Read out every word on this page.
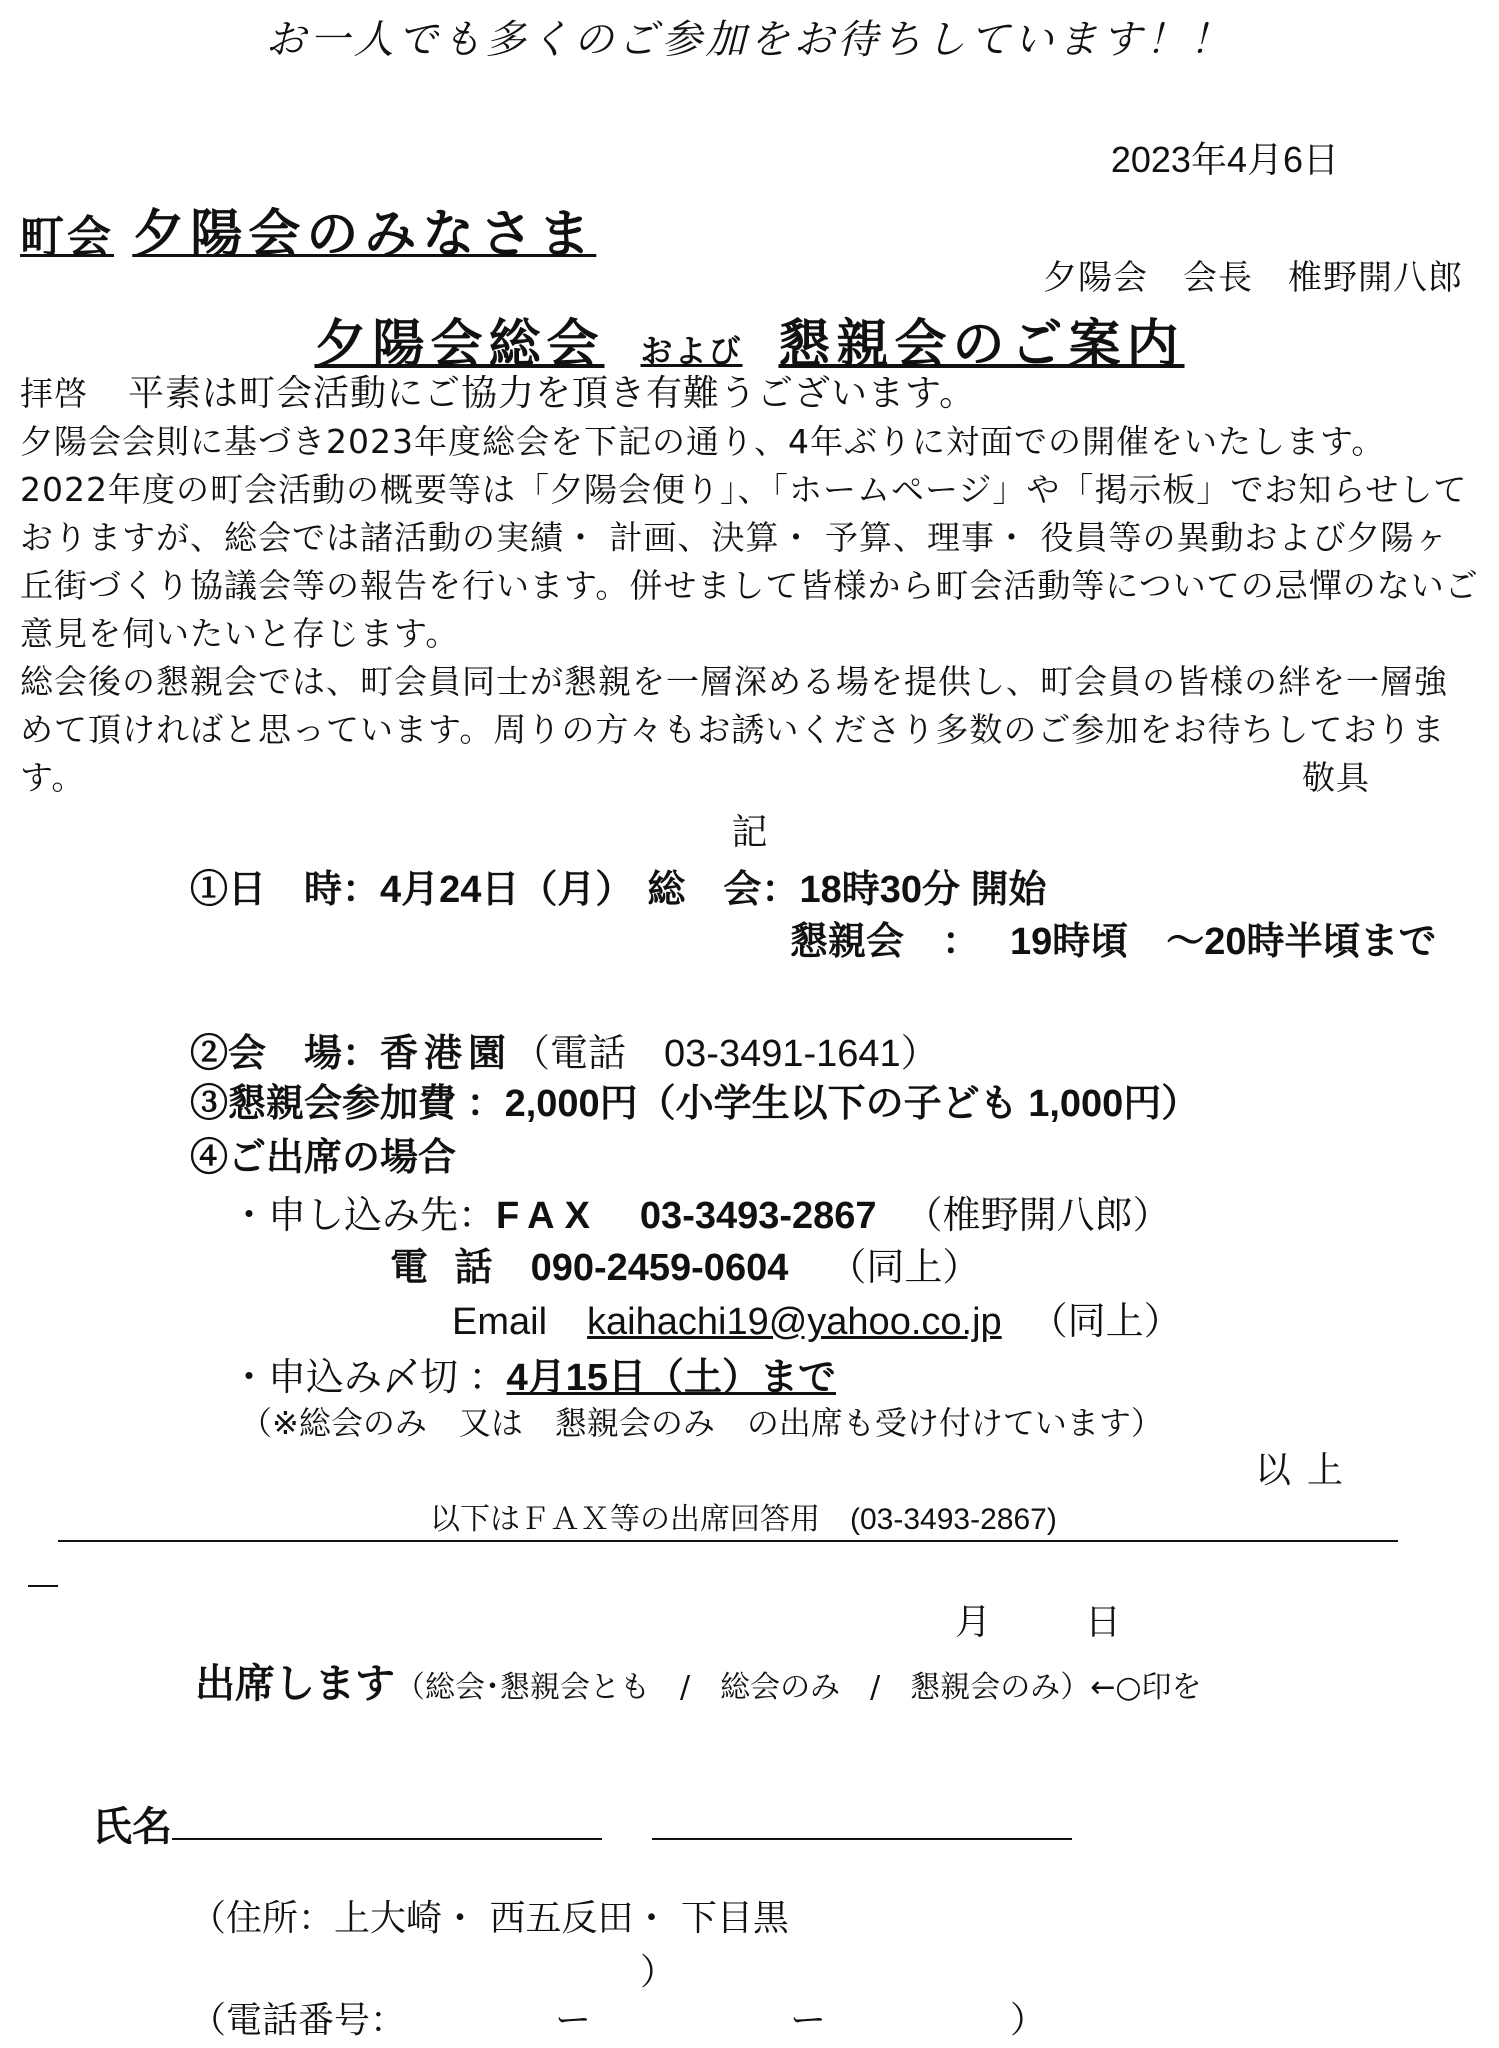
お一人でも多くのご参加をお待ちしています！！
2023年4月6日
町会 夕陽会のみなさま
夕陽会　会長　椎野開八郎
夕陽会総会 および 懇親会のご案内

拝啓 平素は町会活動にご協力を頂き有難うございます。

夕陽会会則に基づき2023年度総会を下記の通り、4年ぶりに対面での開催をいたします。

2022年度の町会活動の概要等は「夕陽会便り」、「ホームページ」や「掲示板」でお知らせしておりますが、総会では諸活動の実績・ 計画、決算・ 予算、理事・ 役員等の異動および夕陽ヶ丘街づくり協議会等の報告を行います。併せまして皆様から町会活動等についての忌憚のないご意見を伺いたいと存じます。

総会後の懇親会では、町会員同士が懇親を一層深める場を提供し、町会員の皆様の絆を一層強めて頂ければと思っています。周りの方々もお誘いくださり多数のご参加をお待ちしております。	敬具
記
①日　時：4月24日（月） 総　会：18時30分 開始
懇親会　： 19時頃　～20時半頃まで
②会　場：香港園（電話　03-3491-1641）
③懇親会参加費 ：2,000円（小学生以下の子ども 1,000円）
④ご出席の場合
・申し込み先：FAX 03-3493-2867 （椎野開八郎）
電 話 090-2459-0604 （同上）
Email kaihachi19@yahoo.co.jp （同上）
・申込み〆切 ：4月15日（土）まで
（※総会のみ　又は　懇親会のみ　の出席も受け付けています）
以上
以下はＦＡＸ等の出席回答用　(03-3493-2867)
月	日
出席します（総会･懇親会とも　/　総会のみ　/　懇親会のみ）←○印を
氏名
（住所：上大崎・ 西五反田・ 下目黒
）
（電話番号：	ー	ー	）
